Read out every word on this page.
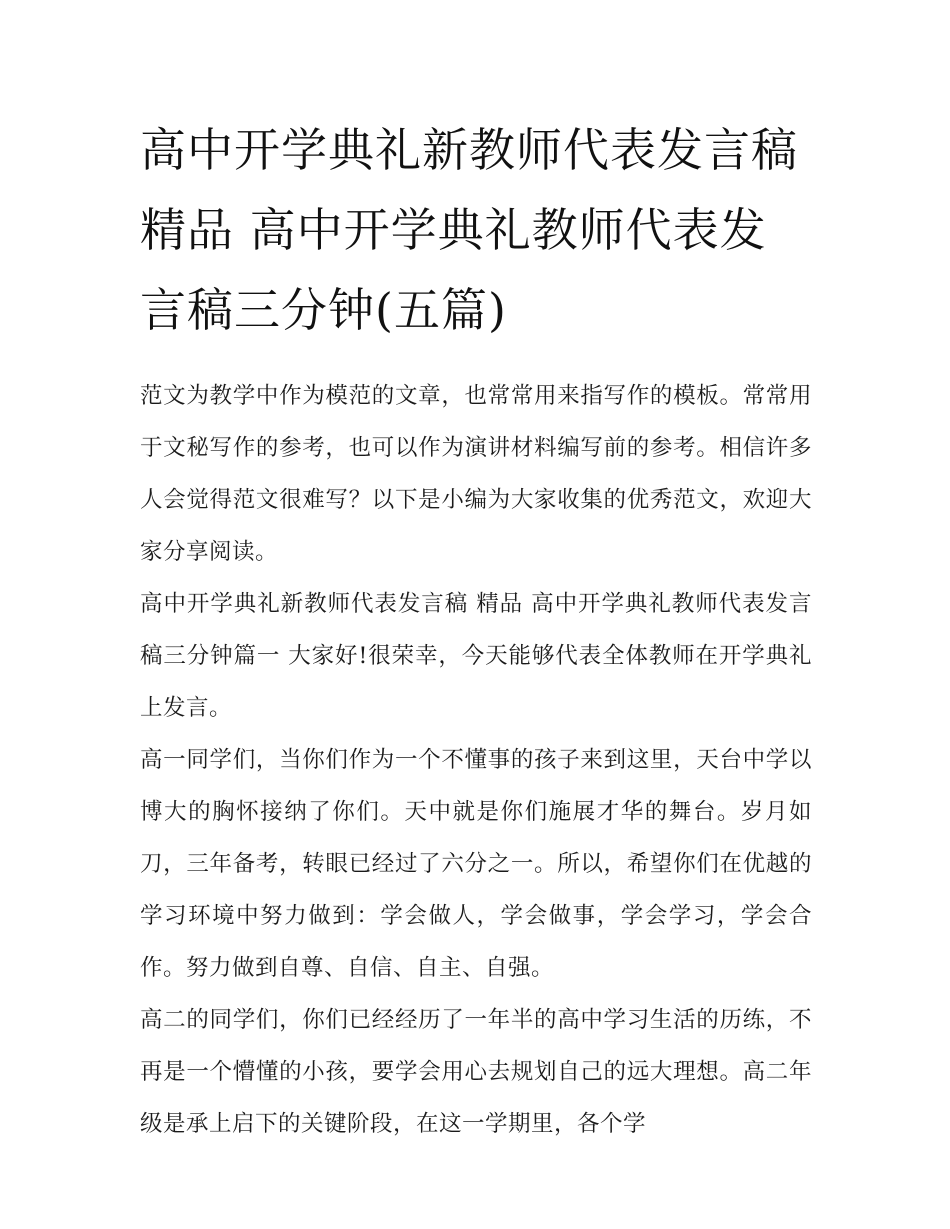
高中开学典礼新教师代表发言稿 精品 高中开学典礼教师代表发言稿三分钟(五篇)

范文为教学中作为模范的文章，也常常用来指写作的模板。常常用于文秘写作的参考，也可以作为演讲材料编写前的参考。相信许多人会觉得范文很难写？以下是小编为大家收集的优秀范文，欢迎大家分享阅读。

高中开学典礼新教师代表发言稿 精品 高中开学典礼教师代表发言稿三分钟篇一 大家好!很荣幸，今天能够代表全体教师在开学典礼上发言。

高一同学们，当你们作为一个不懂事的孩子来到这里，天台中学以博大的胸怀接纳了你们。天中就是你们施展才华的舞台。岁月如刀，三年备考，转眼已经过了六分之一。所以，希望你们在优越的学习环境中努力做到：学会做人，学会做事，学会学习，学会合作。努力做到自尊、自信、自主、自强。

高二的同学们，你们已经经历了一年半的高中学习生活的历练，不再是一个懵懂的小孩，要学会用心去规划自己的远大理想。高二年级是承上启下的关键阶段，在这一学期里，各个学
